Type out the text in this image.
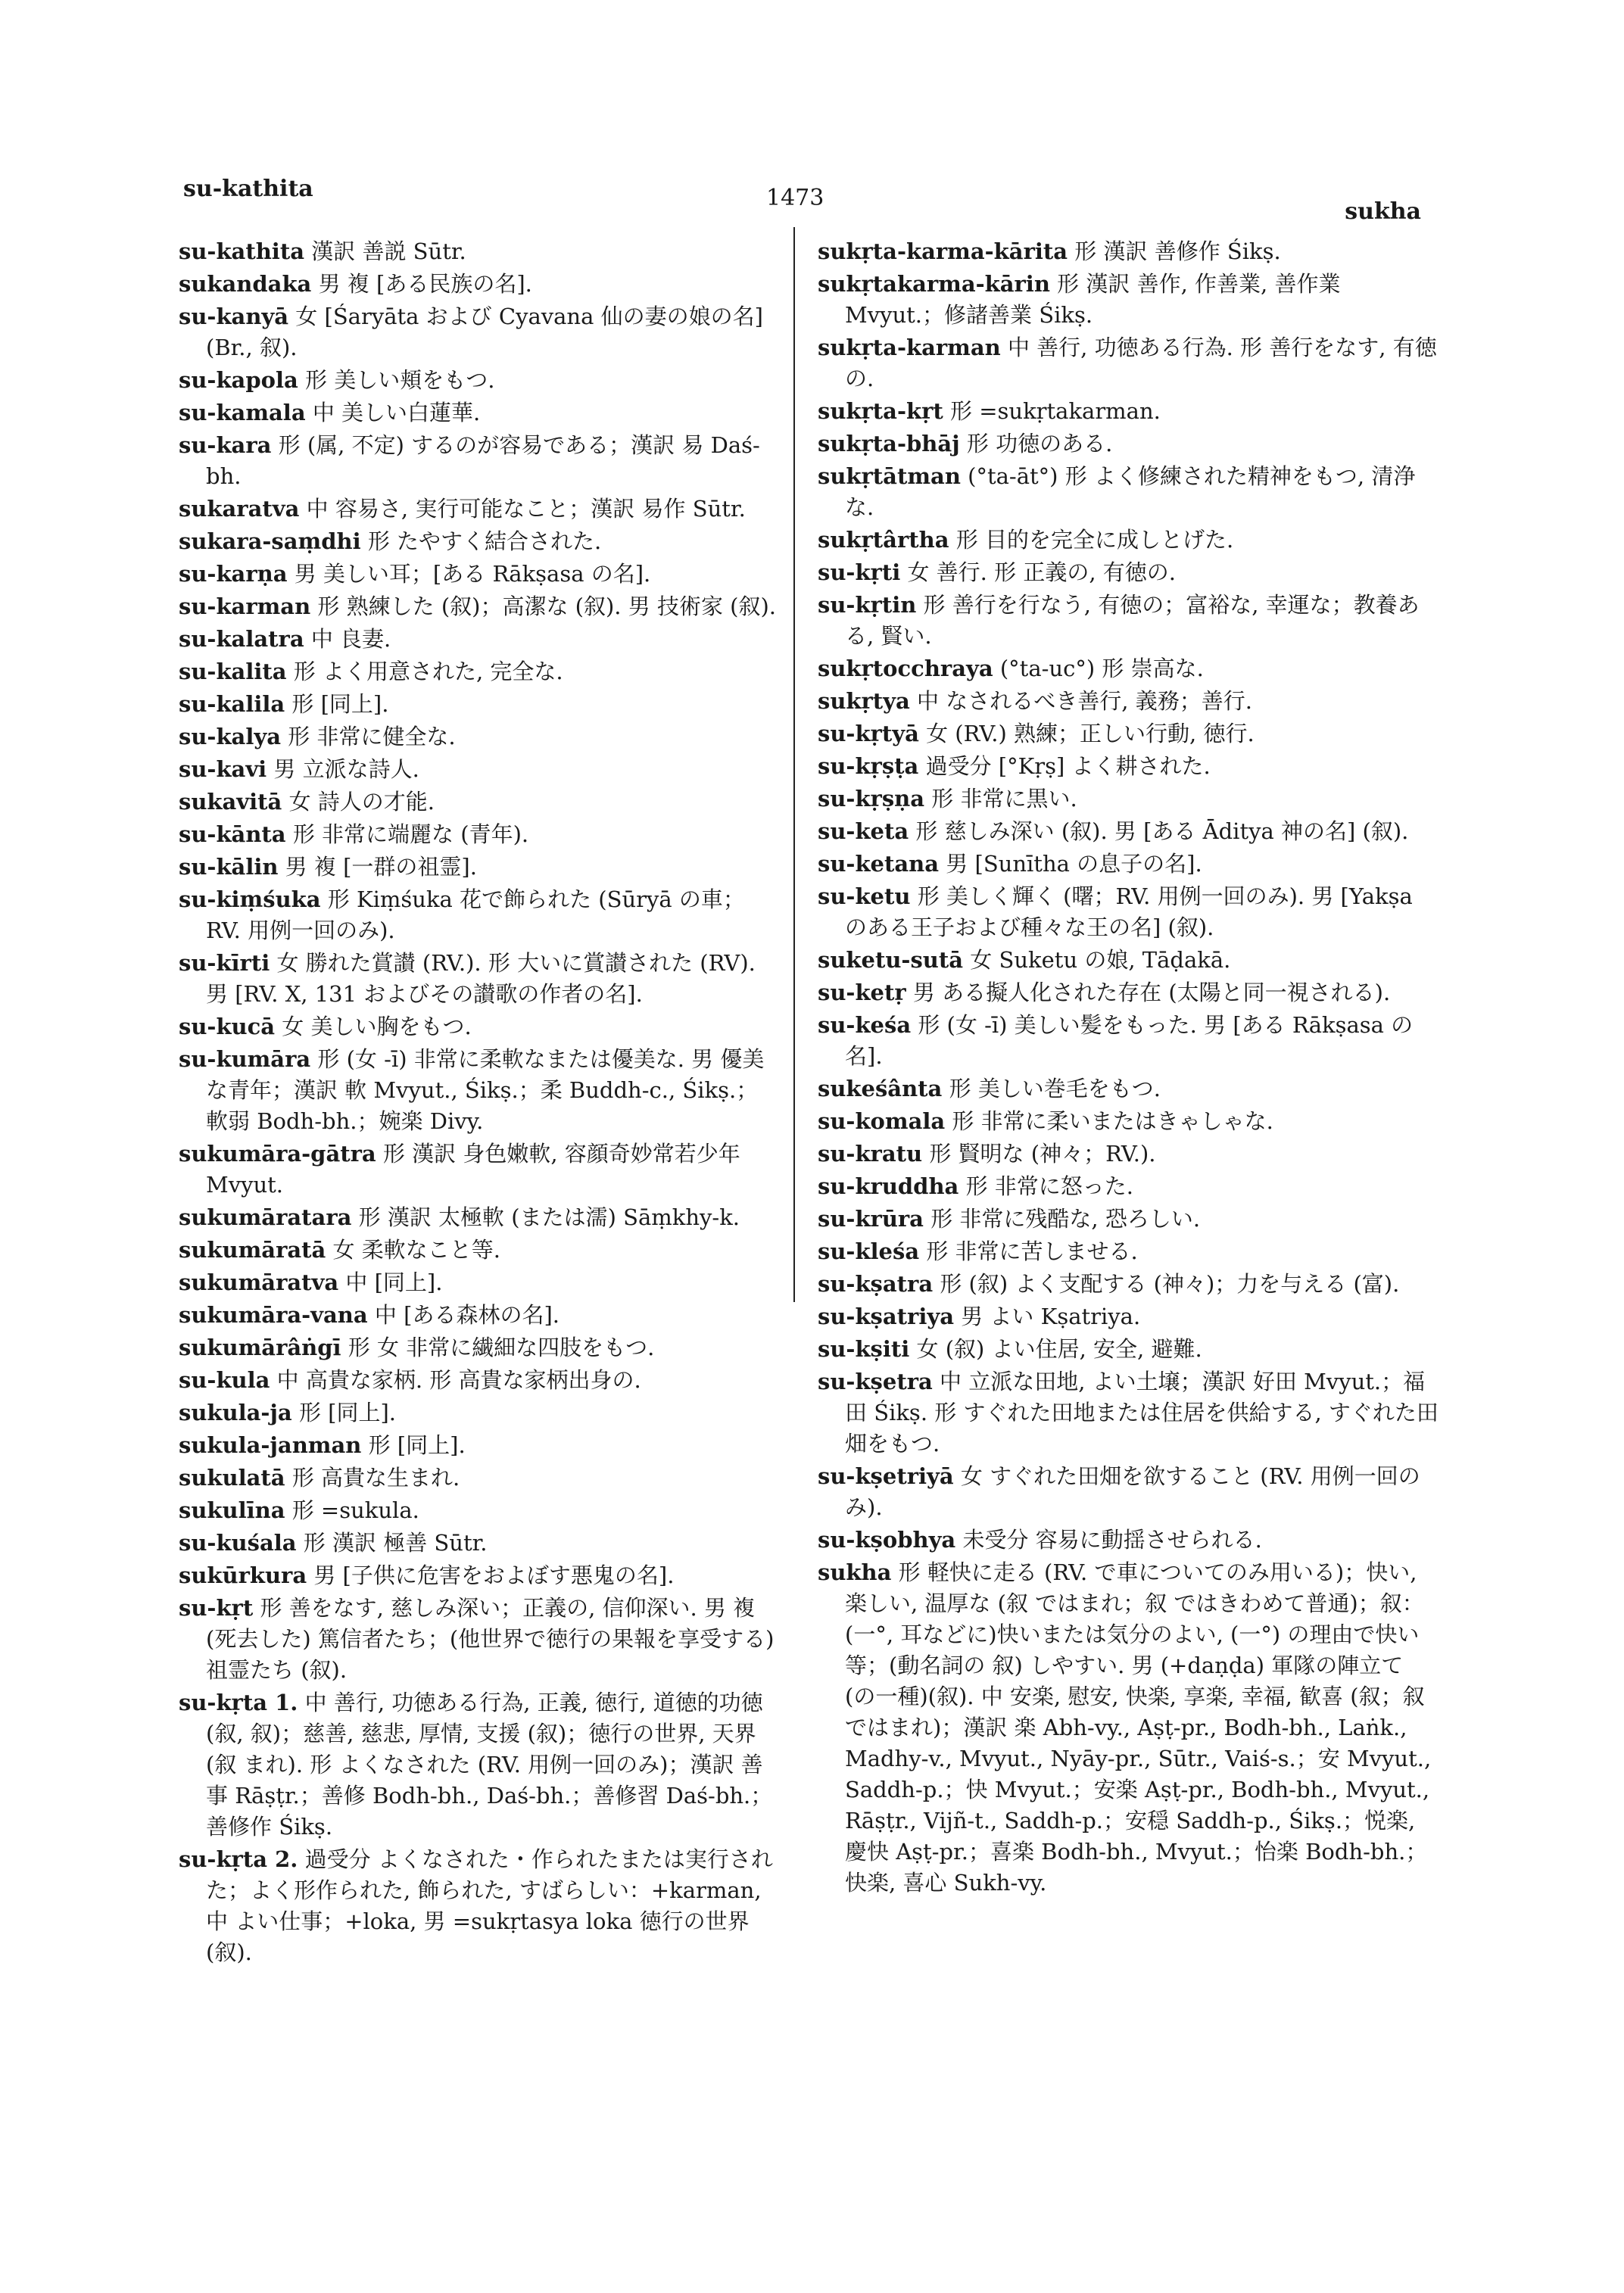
su-kathita	1473
sukha
su-kathita 漢訳 善説 Sūtr.
sukandaka 男 複 [ある民族の名].
su-kanyā 女 [Śaryāta および Cyavana 仙の妻の娘の名] (Br., 叙).
su-kapola 形 美しい頬をもつ.
su-kamala 中 美しい白蓮華.
su-kara 形 (属, 不定) するのが容易である；漢訳 易 Daś-bh.
sukaratva 中 容易さ, 実行可能なこと；漢訳 易作 Sūtr.
sukara-saṃdhi 形 たやすく結合された.
su-karṇa 男 美しい耳；[ある Rākṣasa の名].
su-karman 形 熟練した (叙)；高潔な (叙). 男 技術家 (叙).
su-kalatra 中 良妻.
su-kalita 形 よく用意された, 完全な.
su-kalila 形 [同上].
su-kalya 形 非常に健全な.
su-kavi 男 立派な詩人.
sukavitā 女 詩人の才能.
su-kānta 形 非常に端麗な (青年).
su-kālin 男 複 [一群の祖霊].
su-kiṃśuka 形 Kiṃśuka 花で飾られた (Sūryā の車；RV. 用例一回のみ).
su-kīrti 女 勝れた賞讃 (RV.). 形 大いに賞讃された (RV). 男 [RV. X, 131 およびその讃歌の作者の名].
su-kucā 女 美しい胸をもつ.
su-kumāra 形 (女 -ī) 非常に柔軟なまたは優美な. 男 優美な青年；漢訳 軟 Mvyut., Śikṣ.；柔 Buddh-c., Śikṣ.；軟弱 Bodh-bh.；婉楽 Divy.
sukumāra-gātra 形 漢訳 身色嫩軟, 容顔奇妙常若少年 Mvyut.
sukumāratara 形 漢訳 太極軟 (または濡) Sāṃkhy-k.
sukumāratā 女 柔軟なこと等.
sukumāratva 中 [同上].
sukumāra-vana 中 [ある森林の名].
sukumārâṅgī 形 女 非常に繊細な四肢をもつ.
su-kula 中 高貴な家柄. 形 高貴な家柄出身の.
sukula-ja 形 [同上].
sukula-janman 形 [同上].
sukulatā 形 高貴な生まれ.
sukulīna 形 =sukula.
su-kuśala 形 漢訳 極善 Sūtr.
sukūrkura 男 [子供に危害をおよぼす悪鬼の名].
su-kṛt 形 善をなす, 慈しみ深い；正義の, 信仰深い. 男 複 (死去した) 篤信者たち；(他世界で徳行の果報を享受する) 祖霊たち (叙).
su-kṛta 1. 中 善行, 功徳ある行為, 正義, 徳行, 道徳的功徳 (叙, 叙)；慈善, 慈悲, 厚情, 支援 (叙)；徳行の世界, 天界 (叙 まれ). 形 よくなされた (RV. 用例一回のみ)；漢訳 善事 Rāṣṭr.；善修 Bodh-bh., Daś-bh.；善修習 Daś-bh.；善修作 Śikṣ.
su-kṛta 2. 過受分 よくなされた・作られたまたは実行された；よく形作られた, 飾られた, すばらしい：+karman, 中 よい仕事；+loka, 男 =sukṛtasya loka 徳行の世界 (叙).
sukṛta-karma-kārita 形 漢訳 善修作 Śikṣ.
sukṛtakarma-kārin 形 漢訳 善作, 作善業, 善作業 Mvyut.；修諸善業 Śikṣ.
sukṛta-karman 中 善行, 功徳ある行為. 形 善行をなす, 有徳の.
sukṛta-kṛt 形 =sukṛtakarman.
sukṛta-bhāj 形 功徳のある.
sukṛtātman (°ta-āt°) 形 よく修練された精神をもつ, 清浄な.
sukṛtârtha 形 目的を完全に成しとげた.
su-kṛti 女 善行. 形 正義の, 有徳の.
su-kṛtin 形 善行を行なう, 有徳の；富裕な, 幸運な；教養ある, 賢い.
sukṛtocchraya (°ta-uc°) 形 崇高な.
sukṛtya 中 なされるべき善行, 義務；善行.
su-kṛtyā 女 (RV.) 熟練；正しい行動, 徳行.
su-kṛṣṭa 過受分 [°Kṛṣ] よく耕された.
su-kṛṣṇa 形 非常に黒い.
su-keta 形 慈しみ深い (叙). 男 [ある Āditya 神の名] (叙).
su-ketana 男 [Sunītha の息子の名].
su-ketu 形 美しく輝く (曙；RV. 用例一回のみ). 男 [Yakṣa のある王子および種々な王の名] (叙).
suketu-sutā 女 Suketu の娘, Tāḍakā.
su-ketṛ 男 ある擬人化された存在 (太陽と同一視される).
su-keśa 形 (女 -ī) 美しい髪をもった. 男 [ある Rākṣasa の名].
sukeśânta 形 美しい巻毛をもつ.
su-komala 形 非常に柔いまたはきゃしゃな.
su-kratu 形 賢明な (神々；RV.).
su-kruddha 形 非常に怒った.
su-krūra 形 非常に残酷な, 恐ろしい.
su-kleśa 形 非常に苦しませる.
su-kṣatra 形 (叙) よく支配する (神々)；力を与える (富).
su-kṣatriya 男 よい Kṣatriya.
su-kṣiti 女 (叙) よい住居, 安全, 避難.
su-kṣetra 中 立派な田地, よい土壌；漢訳 好田 Mvyut.；福田 Śikṣ. 形 すぐれた田地または住居を供給する, すぐれた田畑をもつ.
su-kṣetriyā 女 すぐれた田畑を欲すること (RV. 用例一回のみ).
su-kṣobhya 未受分 容易に動揺させられる.
sukha 形 軽快に走る (RV. で車についてのみ用いる)；快い, 楽しい, 温厚な (叙 ではまれ；叙 ではきわめて普通)；叙：(一°, 耳などに)快いまたは気分のよい, (一°) の理由で快い等；(動名詞の 叙) しやすい. 男 (+daṇḍa) 軍隊の陣立て (の一種)(叙). 中 安楽, 慰安, 快楽, 享楽, 幸福, 歓喜 (叙；叙 ではまれ)；漢訳 楽 Abh-vy., Aṣṭ-pr., Bodh-bh., Laṅk., Madhy-v., Mvyut., Nyāy-pr., Sūtr., Vaiś-s.；安 Mvyut., Saddh-p.；快 Mvyut.；安楽 Aṣṭ-pr., Bodh-bh., Mvyut., Rāṣṭr., Vijñ-t., Saddh-p.；安穏 Saddh-p., Śikṣ.；悦楽, 慶快 Aṣṭ-pr.；喜楽 Bodh-bh., Mvyut.；怡楽 Bodh-bh.；快楽, 喜心 Sukh-vy.
